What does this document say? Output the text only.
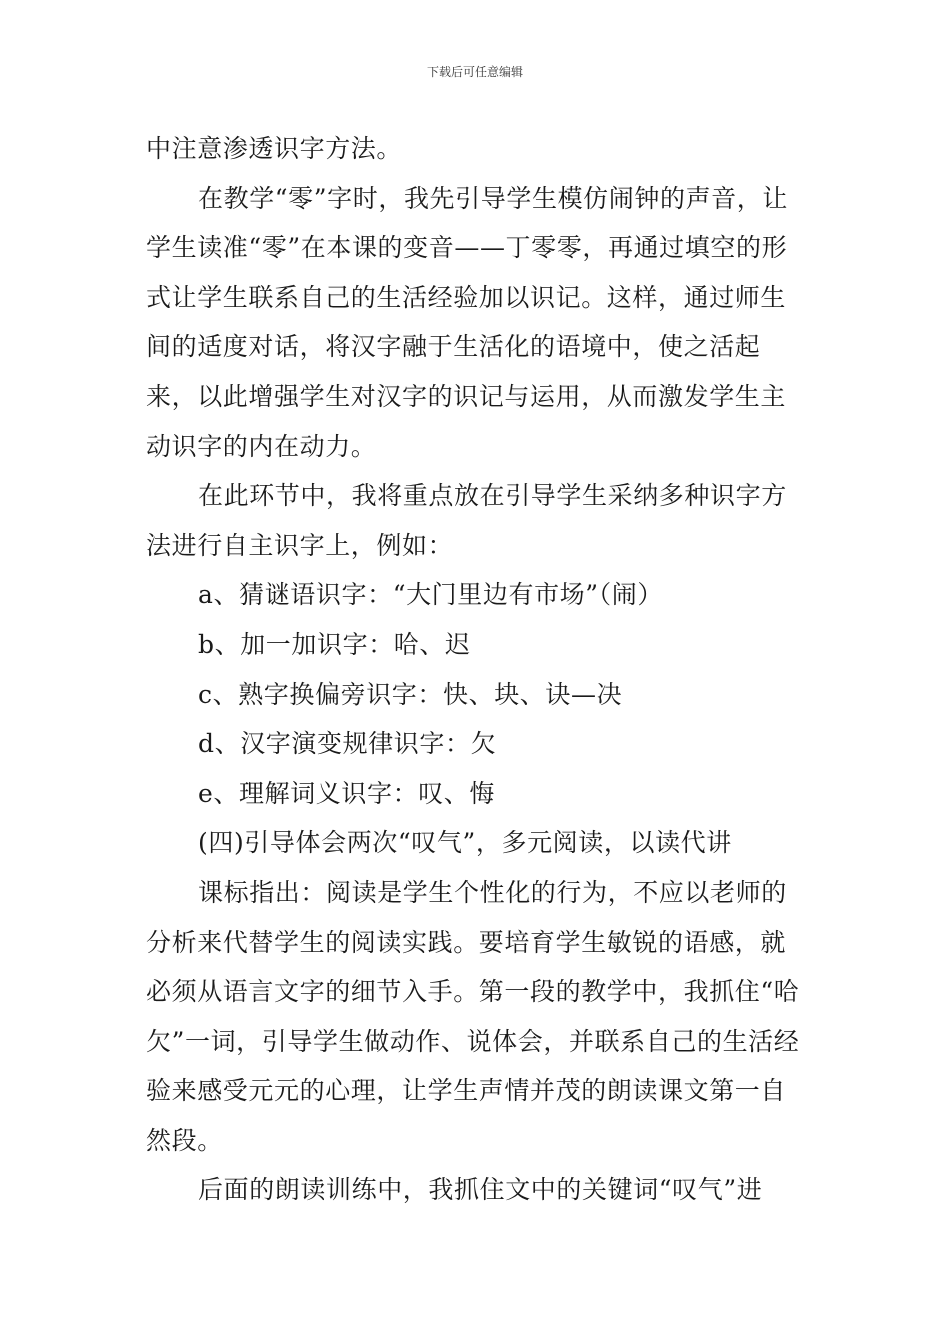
下载后可任意编辑

中注意渗透识字方法。

在教学“零”字时，我先引导学生模仿闹钟的声音，让学生读准“零”在本课的变音——丁零零，再通过填空的形式让学生联系自己的生活经验加以识记。这样，通过师生间的适度对话，将汉字融于生活化的语境中，使之活起来，以此增强学生对汉字的识记与运用，从而激发学生主动识字的内在动力。

在此环节中，我将重点放在引导学生采纳多种识字方法进行自主识字上，例如：

a、猜谜语识字：“大门里边有市场”（闹）

b、加一加识字：哈、迟

c、熟字换偏旁识字：快、块、诀—决

d、汉字演变规律识字：欠

e、理解词义识字：叹、悔

(四)引导体会两次“叹气”，多元阅读，以读代讲

课标指出：阅读是学生个性化的行为，不应以老师的分析来代替学生的阅读实践。要培育学生敏锐的语感，就必须从语言文字的细节入手。第一段的教学中，我抓住“哈欠”一词，引导学生做动作、说体会，并联系自己的生活经验来感受元元的心理，让学生声情并茂的朗读课文第一自然段。

后面的朗读训练中，我抓住文中的关键词“叹气”进
